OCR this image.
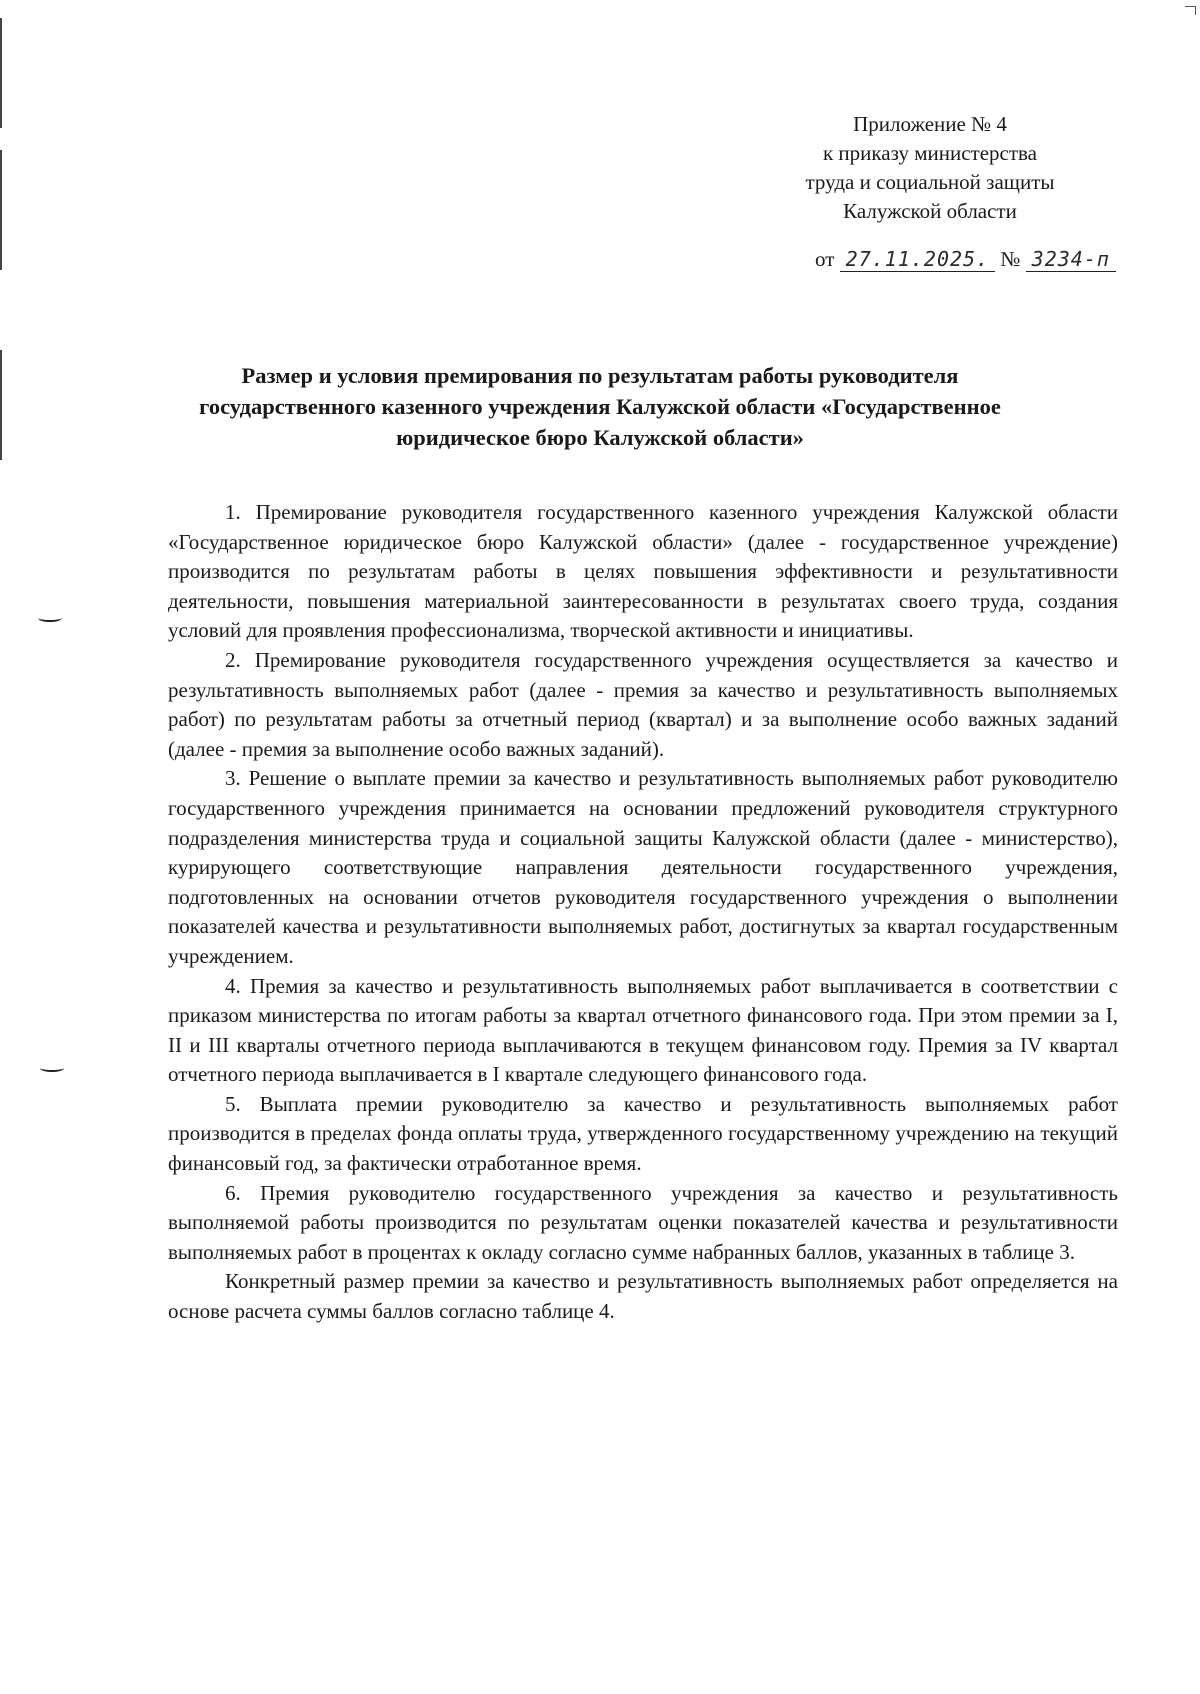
Приложение № 4
к приказу министерства
труда и социальной защиты
Калужской области
от 27.11.2025. № 3234-п
Размер и условия премирования по результатам работы руководителя
государственного казенного учреждения Калужской области «Государственное
юридическое бюро Калужской области»

1. Премирование руководителя государственного казенного учреждения Калужской области «Государственное юридическое бюро Калужской области» (далее - государственное учреждение) производится по результатам работы в целях повышения эффективности и результативности деятельности, повышения материальной заинтересованности в результатах своего труда, создания условий для проявления профессионализма, творческой активности и инициативы.

2. Премирование руководителя государственного учреждения осуществляется за качество и результативность выполняемых работ (далее - премия за качество и результативность выполняемых работ) по результатам работы за отчетный период (квартал) и за выполнение особо важных заданий (далее - премия за выполнение особо важных заданий).

3. Решение о выплате премии за качество и результативность выполняемых работ руководителю государственного учреждения принимается на основании предложений руководителя структурного подразделения министерства труда и социальной защиты Калужской области (далее - министерство), курирующего соответствующие направления деятельности государственного учреждения, подготовленных на основании отчетов руководителя государственного учреждения о выполнении показателей качества и результативности выполняемых работ, достигнутых за квартал государственным учреждением.

4. Премия за качество и результативность выполняемых работ выплачивается в соответствии с приказом министерства по итогам работы за квартал отчетного финансового года. При этом премии за I, II и III кварталы отчетного периода выплачиваются в текущем финансовом году. Премия за IV квартал отчетного периода выплачивается в I квартале следующего финансового года.

5. Выплата премии руководителю за качество и результативность выполняемых работ производится в пределах фонда оплаты труда, утвержденного государственному учреждению на текущий финансовый год, за фактически отработанное время.

6. Премия руководителю государственного учреждения за качество и результативность выполняемой работы производится по результатам оценки показателей качества и результативности выполняемых работ в процентах к окладу согласно сумме набранных баллов, указанных в таблице 3.

Конкретный размер премии за качество и результативность выполняемых работ определяется на основе расчета суммы баллов согласно таблице 4.
